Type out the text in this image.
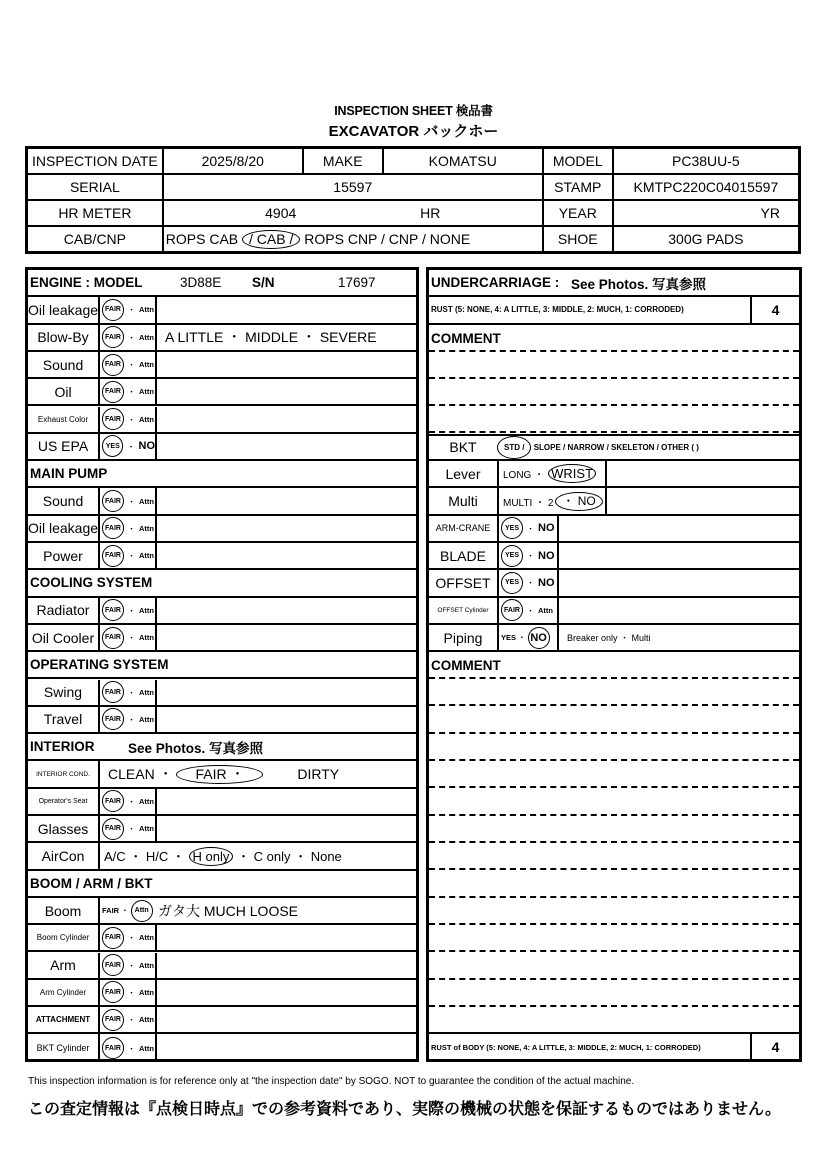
INSPECTION SHEET 検品書
EXCAVATOR バックホー
INSPECTION DATE	2025/8/20	MAKE	KOMATSU	MODEL	PC38UU-5
SERIAL	15597			STAMP	KMTPC220C04015597
HR METER	4904 HR			YEAR	YR
CAB/CNP	ROPS CAB / CAB / ROPS CNP / CNP / NONE			SHOE	300G PADS
ENGINE : MODEL	3D88E	S/N	17697
Oil leakage FAIR ・ Attn
Blow-By	FAIR ・ Attn A LITTLE ・ MIDDLE ・ SEVERE
Sound	FAIR ・ Attn
Oil	FAIR ・ Attn
Exhaust Color	FAIR ・ Attn
US EPA	YES ・ NO
MAIN PUMP
Sound	FAIR ・ Attn
Oil leakage FAIR ・ Attn
Power	FAIR ・ Attn
COOLING SYSTEM
Radiator	FAIR ・ Attn
Oil Cooler	FAIR ・ Attn
OPERATING SYSTEM
Swing	FAIR ・ Attn
Travel	FAIR ・ Attn
INTERIOR	See Photos. 写真参照
INTERIOR COND.	CLEAN ・ FAIR ・	DIRTY
Operator's Seat	FAIR ・ Attn
Glasses	FAIR ・ Attn
AirCon	A/C ・ H/C ・ H only ・ C only ・ None
BOOM / ARM / BKT
Boom	FAIR ・ Attn ガタ大 MUCH LOOSE
Boom Cylinder	FAIR ・ Attn
Arm	FAIR ・ Attn
Arm Cylinder	FAIR ・ Attn
ATTACHMENT	FAIR ・ Attn
BKT Cylinder	FAIR ・ Attn
UNDERCARRIAGE : See Photos. 写真参照
RUST (5: NONE, 4: A LITTLE, 3: MIDDLE, 2: MUCH, 1: CORRODED)	4
COMMENT
BKT	STD / SLOPE / NARROW / SKELETON / OTHER ( )
Lever	LONG ・ WRIST
Multi	MULTI ・ 2 ・ NO
ARM-CRANE	YES ・ NO
BLADE	YES ・ NO
OFFSET	YES ・ NO
OFFSET Cylinder	FAIR ・ Attn
Piping	YES ・ NO	Breaker only ・ Multi
COMMENT
RUST of BODY (5: NONE, 4: A LITTLE, 3: MIDDLE, 2: MUCH, 1: CORRODED)	4
This inspection information is for reference only at "the inspection date" by SOGO. NOT to guarantee the condition of the actual machine.
この査定情報は『点検日時点』での参考資料であり、実際の機械の状態を保証するものではありません。
